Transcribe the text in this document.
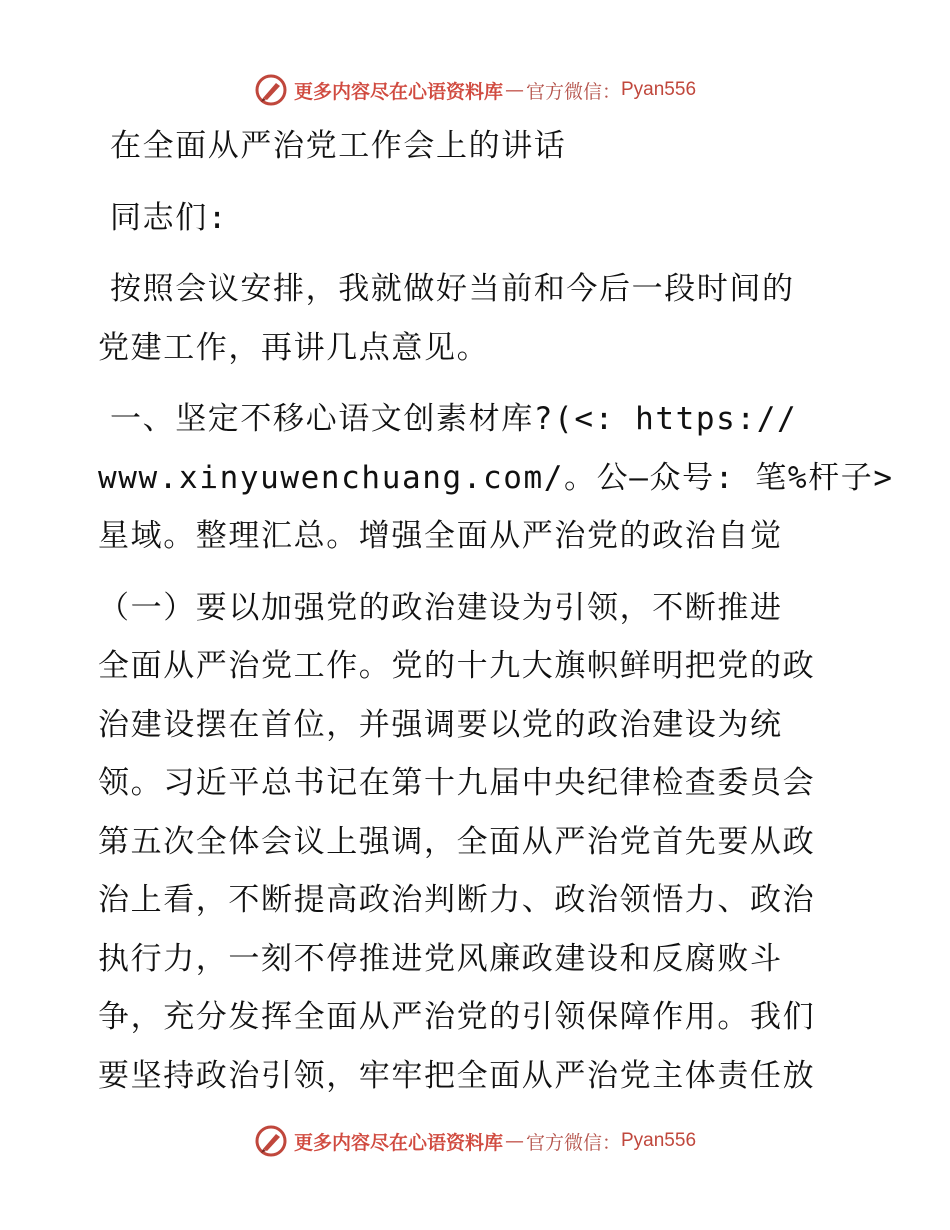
更多内容尽在心语资料库 — 官方微信： Pyan556
在全面从严治党工作会上的讲话
同志们:
按照会议安排，我就做好当前和今后一段时间的
党建工作，再讲几点意见。
一、坚定不移心语文创素材库?(<: https://
www.xinyuwenchuang.com/。公—众号: 笔%杆子>
星域。整理汇总。增强全面从严治党的政治自觉
（一）要以加强党的政治建设为引领，不断推进
全面从严治党工作。党的十九大旗帜鲜明把党的政
治建设摆在首位，并强调要以党的政治建设为统
领。习近平总书记在第十九届中央纪律检查委员会
第五次全体会议上强调，全面从严治党首先要从政
治上看，不断提高政治判断力、政治领悟力、政治
执行力，一刻不停推进党风廉政建设和反腐败斗
争，充分发挥全面从严治党的引领保障作用。我们
要坚持政治引领，牢牢把全面从严治党主体责任放
更多内容尽在心语资料库 — 官方微信： Pyan556
